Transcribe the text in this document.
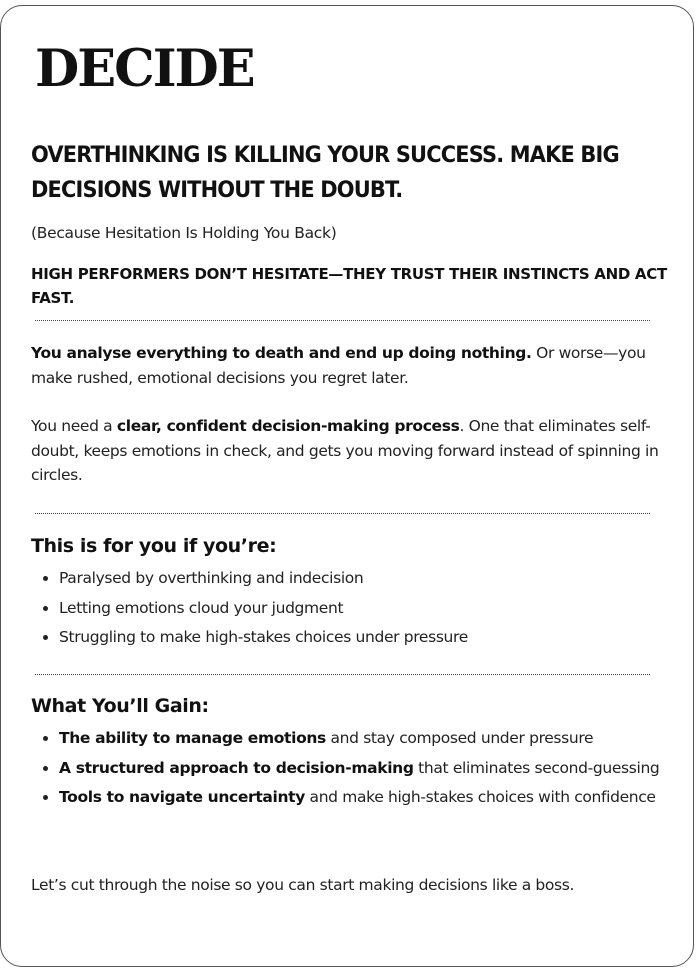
DECIDE
OVERTHINKING IS KILLING YOUR SUCCESS. MAKE BIG DECISIONS WITHOUT THE DOUBT.
(Because Hesitation Is Holding You Back)
HIGH PERFORMERS DON’T HESITATE—THEY TRUST THEIR INSTINCTS AND ACT FAST.
You analyse everything to death and end up doing nothing. Or worse—you make rushed, emotional decisions you regret later.
You need a clear, confident decision-making process. One that eliminates self-doubt, keeps emotions in check, and gets you moving forward instead of spinning in circles.
This is for you if you’re:
• Paralysed by overthinking and indecision
• Letting emotions cloud your judgment
• Struggling to make high-stakes choices under pressure
What You’ll Gain:
• The ability to manage emotions and stay composed under pressure
• A structured approach to decision-making that eliminates second-guessing
• Tools to navigate uncertainty and make high-stakes choices with confidence
Let’s cut through the noise so you can start making decisions like a boss.
